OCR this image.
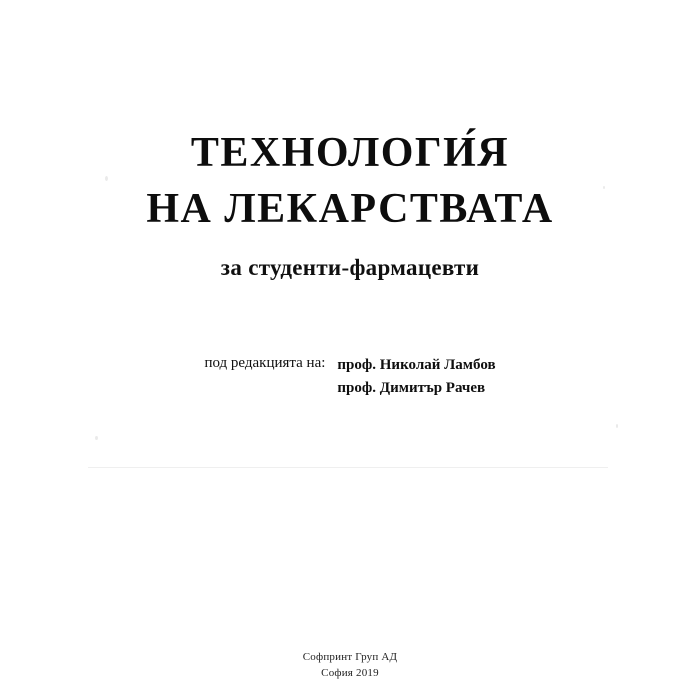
ТЕХНОЛОГИ́Я
НА ЛЕКАРСТВАТА
за студенти-фармацевти
под редакцията на: проф. Николай Ламбов
проф. Димитър Рачев
Софпринт Груп АД
София 2019
